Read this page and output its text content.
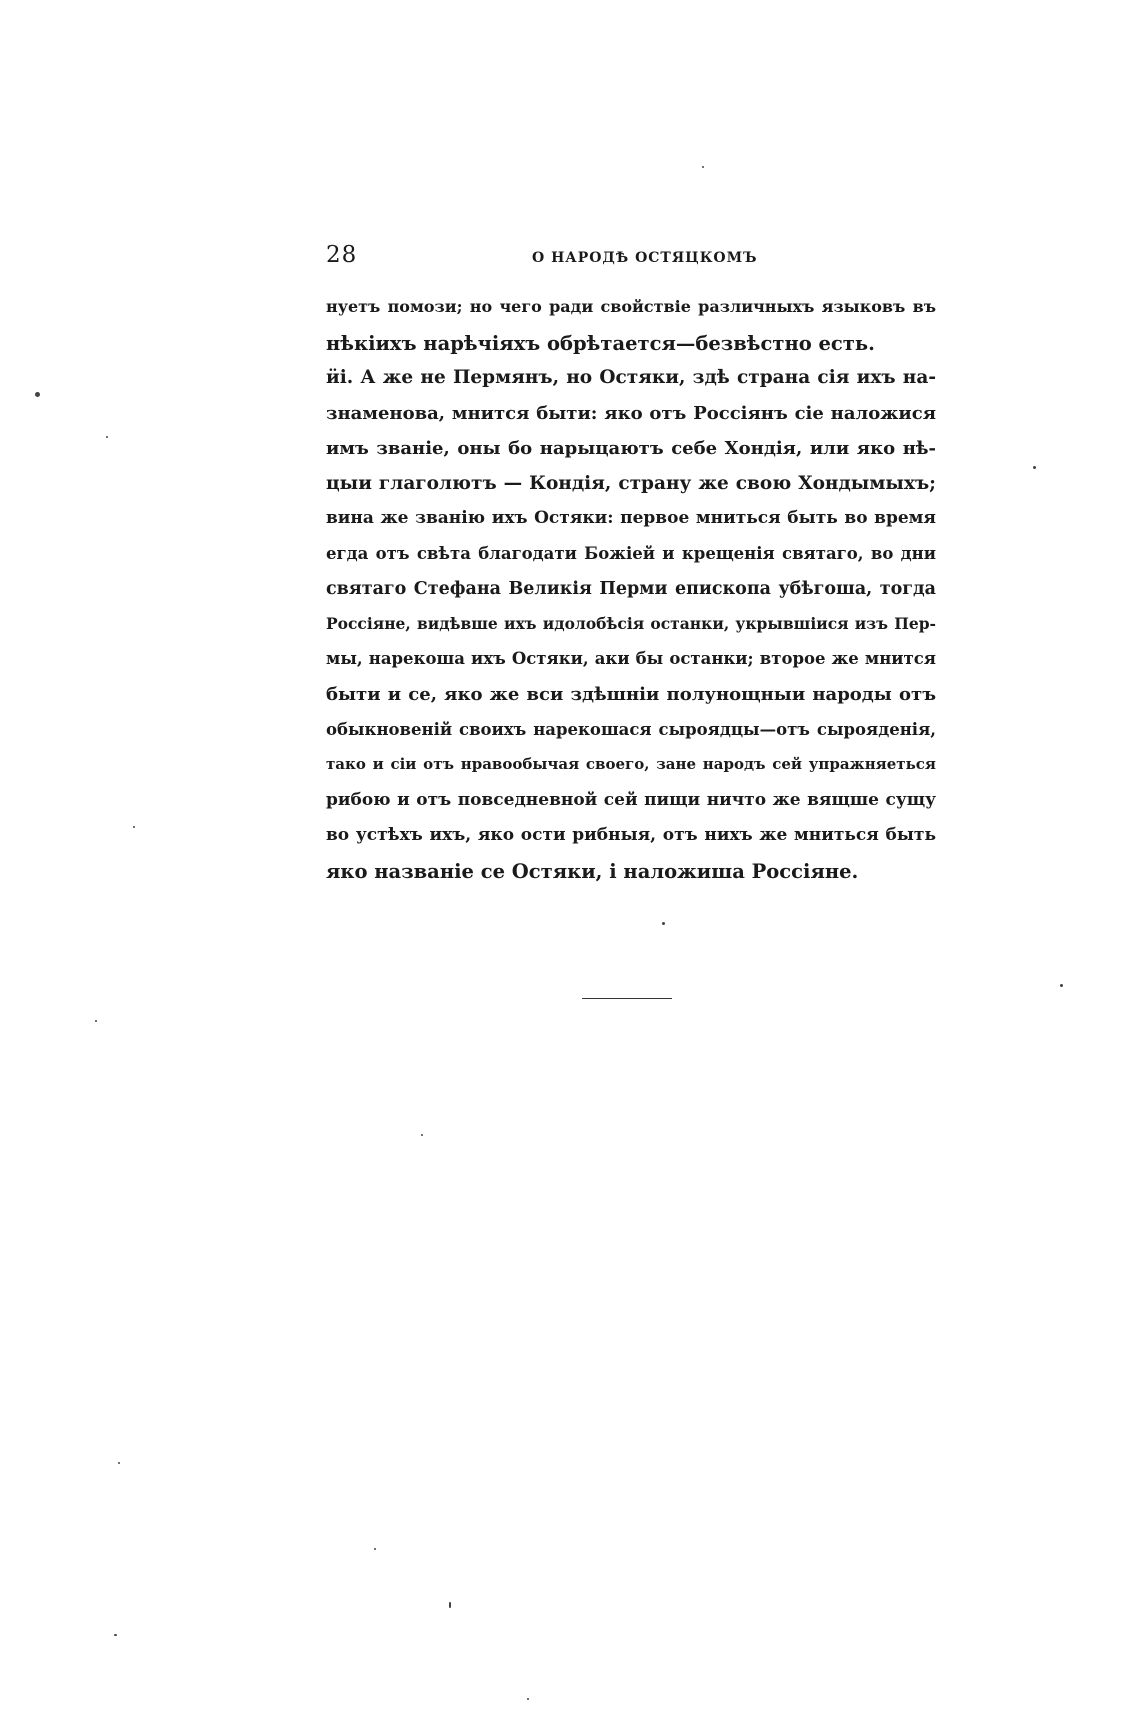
28	О НАРОДѢ ОСТЯЦКОМЪ
нуетъ помози; но чего ради свойствіе различныхъ языковъ въ
нѣкіихъ нарѣчіяхъ обрѣтается—безвѣстно есть.
ӥі. А же не Пермянъ, но Остяки, здѣ страна сія ихъ на-
знаменова, мнится быти: яко отъ Россіянъ сіе наложися
имъ званіе, оны бо нарыцаютъ себе Хондія, или яко нѣ-
цыи глаголютъ — Кондія, страну же свою Хондымыхъ;
вина же званію ихъ Остяки: первое мниться быть во время
егда отъ свѣта благодати Божіей и крещенія святаго, во дни
святаго Стефана Великія Перми епископа убѣгоша, тогда
Россіяне, видѣвше ихъ идолобѣсія останки, укрывшіися изъ Пер-
мы, нарекоша ихъ Остяки, аки бы останки; второе же мнится
быти и се, яко же вси здѣшніи полунощныи народы отъ
обыкновеній своихъ нарекошася сыроядцы—отъ сырояденія,
тако и сіи отъ нравообычая своего, зане народъ сей упражняеться
рибою и отъ повседневной сей пищи ничто же вящше сущу
во устѣхъ ихъ, яко ости рибныя, отъ нихъ же мниться быть
яко названіе се Остяки, і наложиша Россіяне.
